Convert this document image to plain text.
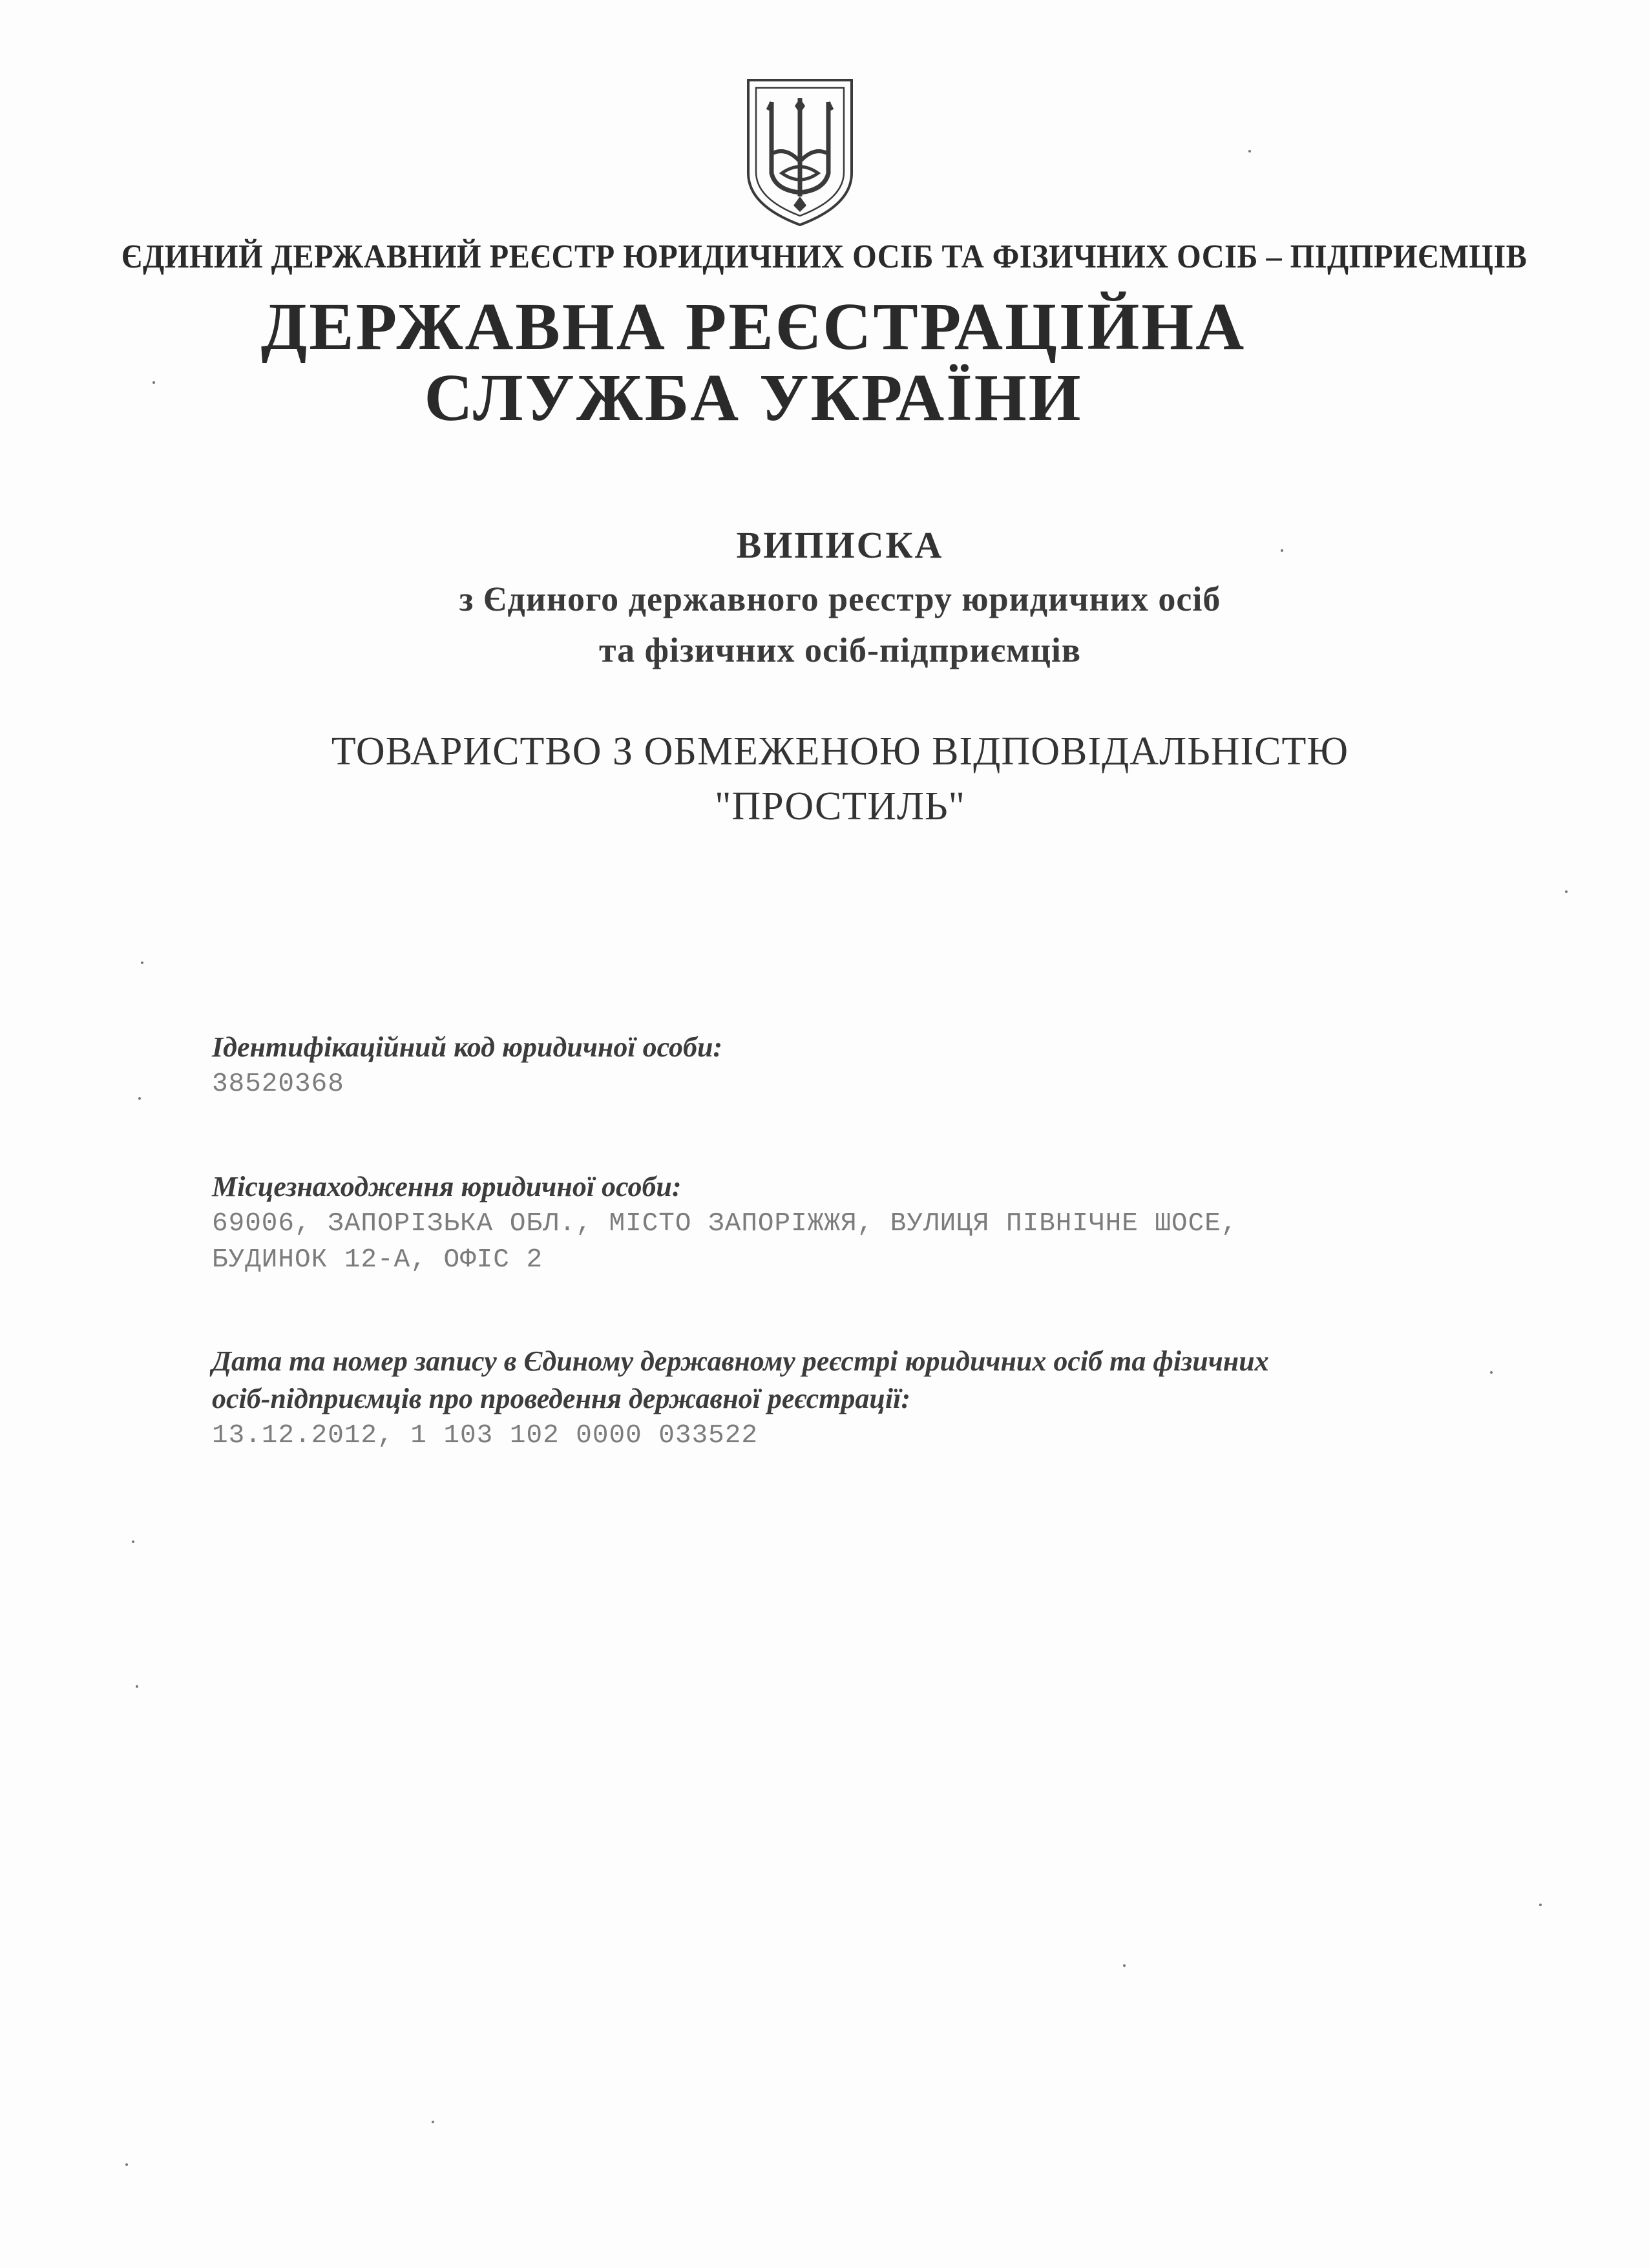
ЄДИНИЙ ДЕРЖАВНИЙ РЕЄСТР ЮРИДИЧНИХ ОСІБ ТА ФІЗИЧНИХ ОСІБ – ПІДПРИЄМЦІВ
ДЕРЖАВНА РЕЄСТРАЦІЙНА
СЛУЖБА УКРАЇНИ
ВИПИСКА
з Єдиного державного реєстру юридичних осіб
та фізичних осіб-підприємців
ТОВАРИСТВО З ОБМЕЖЕНОЮ ВІДПОВІДАЛЬНІСТЮ
"ПРОСТИЛЬ"
Ідентифікаційний код юридичної особи:
38520368
Місцезнаходження юридичної особи:
69006, ЗАПОРІЗЬКА ОБЛ., МІСТО ЗАПОРІЖЖЯ, ВУЛИЦЯ ПІВНІЧНЕ ШОСЕ,
БУДИНОК 12-А, ОФІС 2
Дата та номер запису в Єдиному державному реєстрі юридичних осіб та фізичних
осіб-підприємців про проведення державної реєстрації:
13.12.2012, 1 103 102 0000 033522
